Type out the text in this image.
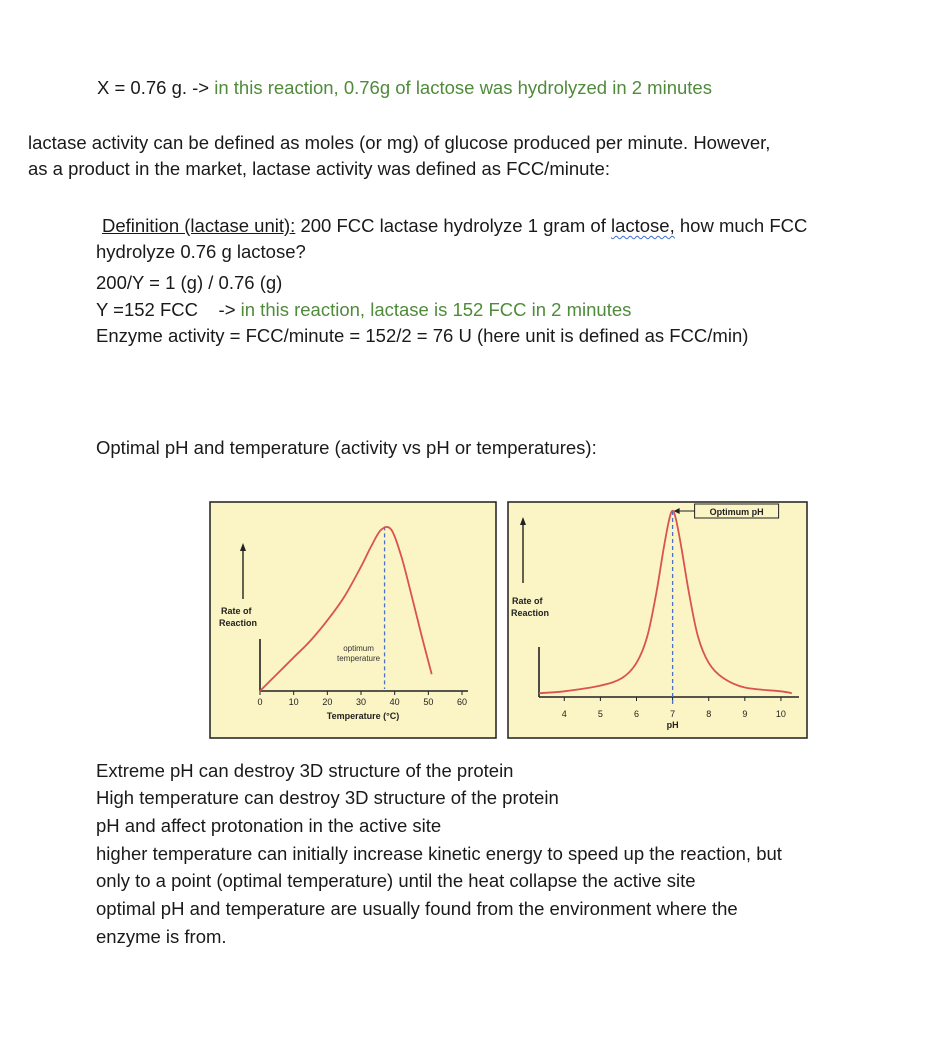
X = 0.76 g. -> in this reaction, 0.76g of lactose was hydrolyzed in 2 minutes
lactase activity can be defined as moles (or mg) of glucose produced per minute. However,
as a product in the market, lactase activity was defined as FCC/minute:
Definition (lactase unit): 200 FCC lactase hydrolyze 1 gram of lactose, how much FCC
hydrolyze 0.76 g lactose?
200/Y = 1 (g) / 0.76 (g)
Y =152 FCC    -> in this reaction, lactase is 152 FCC in 2 minutes
Enzyme activity = FCC/minute = 152/2 = 76 U (here unit is defined as FCC/min)
Optimal pH and temperature (activity vs pH or temperatures):
Rate of
Reaction
0	10	20	30	40	50	60
Temperature (°C)
optimum
temperature
Rate of
Reaction
4	5	6	7	8	9	10
pH
Optimum pH
Extreme pH can destroy 3D structure of the protein
High temperature can destroy 3D structure of the protein
pH and affect protonation in the active site
higher temperature can initially increase kinetic energy to speed up the reaction, but
only to a point (optimal temperature) until the heat collapse the active site
optimal pH and temperature are usually found from the environment where the
enzyme is from.
